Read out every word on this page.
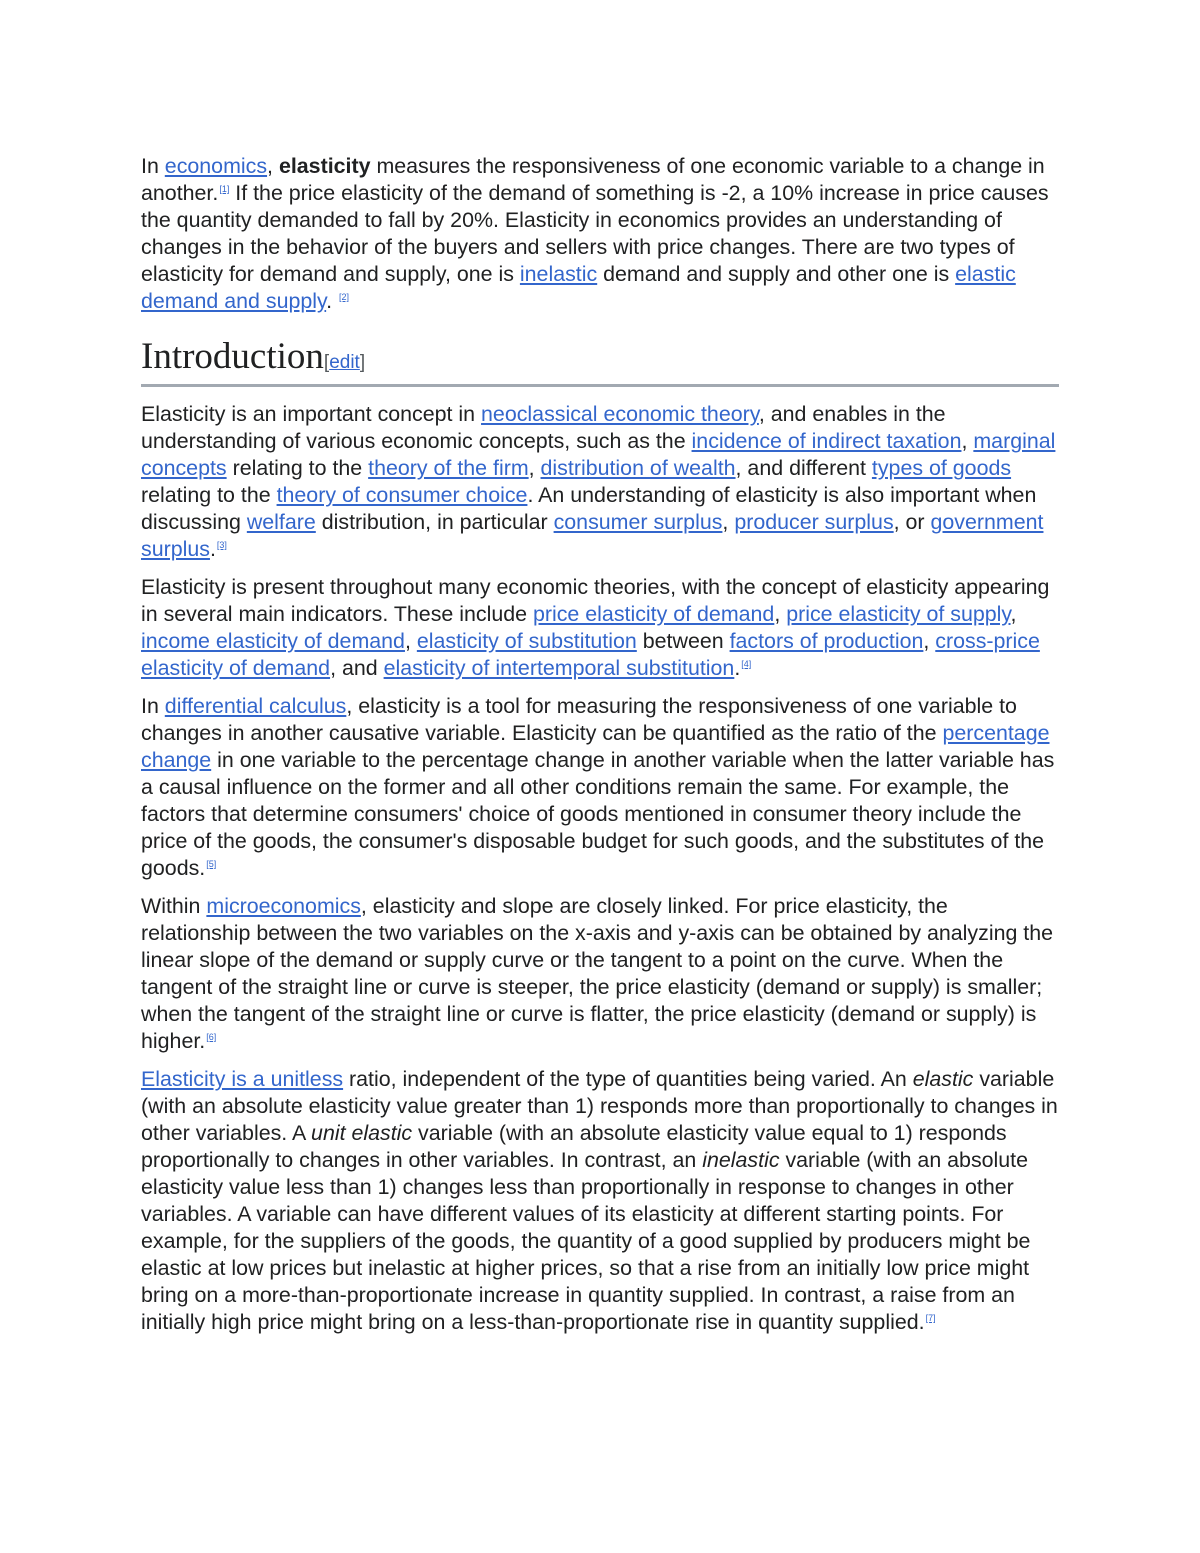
In economics, elasticity measures the responsiveness of one economic variable to a change in another.[1] If the price elasticity of the demand of something is -2, a 10% increase in price causes the quantity demanded to fall by 20%. Elasticity in economics provides an understanding of changes in the behavior of the buyers and sellers with price changes. There are two types of elasticity for demand and supply, one is inelastic demand and supply and other one is elastic demand and supply. [2]

Introduction[edit]

Elasticity is an important concept in neoclassical economic theory, and enables in the understanding of various economic concepts, such as the incidence of indirect taxation, marginal concepts relating to the theory of the firm, distribution of wealth, and different types of goods relating to the theory of consumer choice. An understanding of elasticity is also important when discussing welfare distribution, in particular consumer surplus, producer surplus, or government surplus.[3]

Elasticity is present throughout many economic theories, with the concept of elasticity appearing in several main indicators. These include price elasticity of demand, price elasticity of supply, income elasticity of demand, elasticity of substitution between factors of production, cross-price elasticity of demand, and elasticity of intertemporal substitution.[4]

In differential calculus, elasticity is a tool for measuring the responsiveness of one variable to changes in another causative variable. Elasticity can be quantified as the ratio of the percentage change in one variable to the percentage change in another variable when the latter variable has a causal influence on the former and all other conditions remain the same. For example, the factors that determine consumers' choice of goods mentioned in consumer theory include the price of the goods, the consumer's disposable budget for such goods, and the substitutes of the goods.[5]

Within microeconomics, elasticity and slope are closely linked. For price elasticity, the relationship between the two variables on the x-axis and y-axis can be obtained by analyzing the linear slope of the demand or supply curve or the tangent to a point on the curve. When the tangent of the straight line or curve is steeper, the price elasticity (demand or supply) is smaller; when the tangent of the straight line or curve is flatter, the price elasticity (demand or supply) is higher.[6]

Elasticity is a unitless ratio, independent of the type of quantities being varied. An elastic variable (with an absolute elasticity value greater than 1) responds more than proportionally to changes in other variables. A unit elastic variable (with an absolute elasticity value equal to 1) responds proportionally to changes in other variables. In contrast, an inelastic variable (with an absolute elasticity value less than 1) changes less than proportionally in response to changes in other variables. A variable can have different values of its elasticity at different starting points. For example, for the suppliers of the goods, the quantity of a good supplied by producers might be elastic at low prices but inelastic at higher prices, so that a rise from an initially low price might bring on a more-than-proportionate increase in quantity supplied. In contrast, a raise from an initially high price might bring on a less-than-proportionate rise in quantity supplied.[7]
